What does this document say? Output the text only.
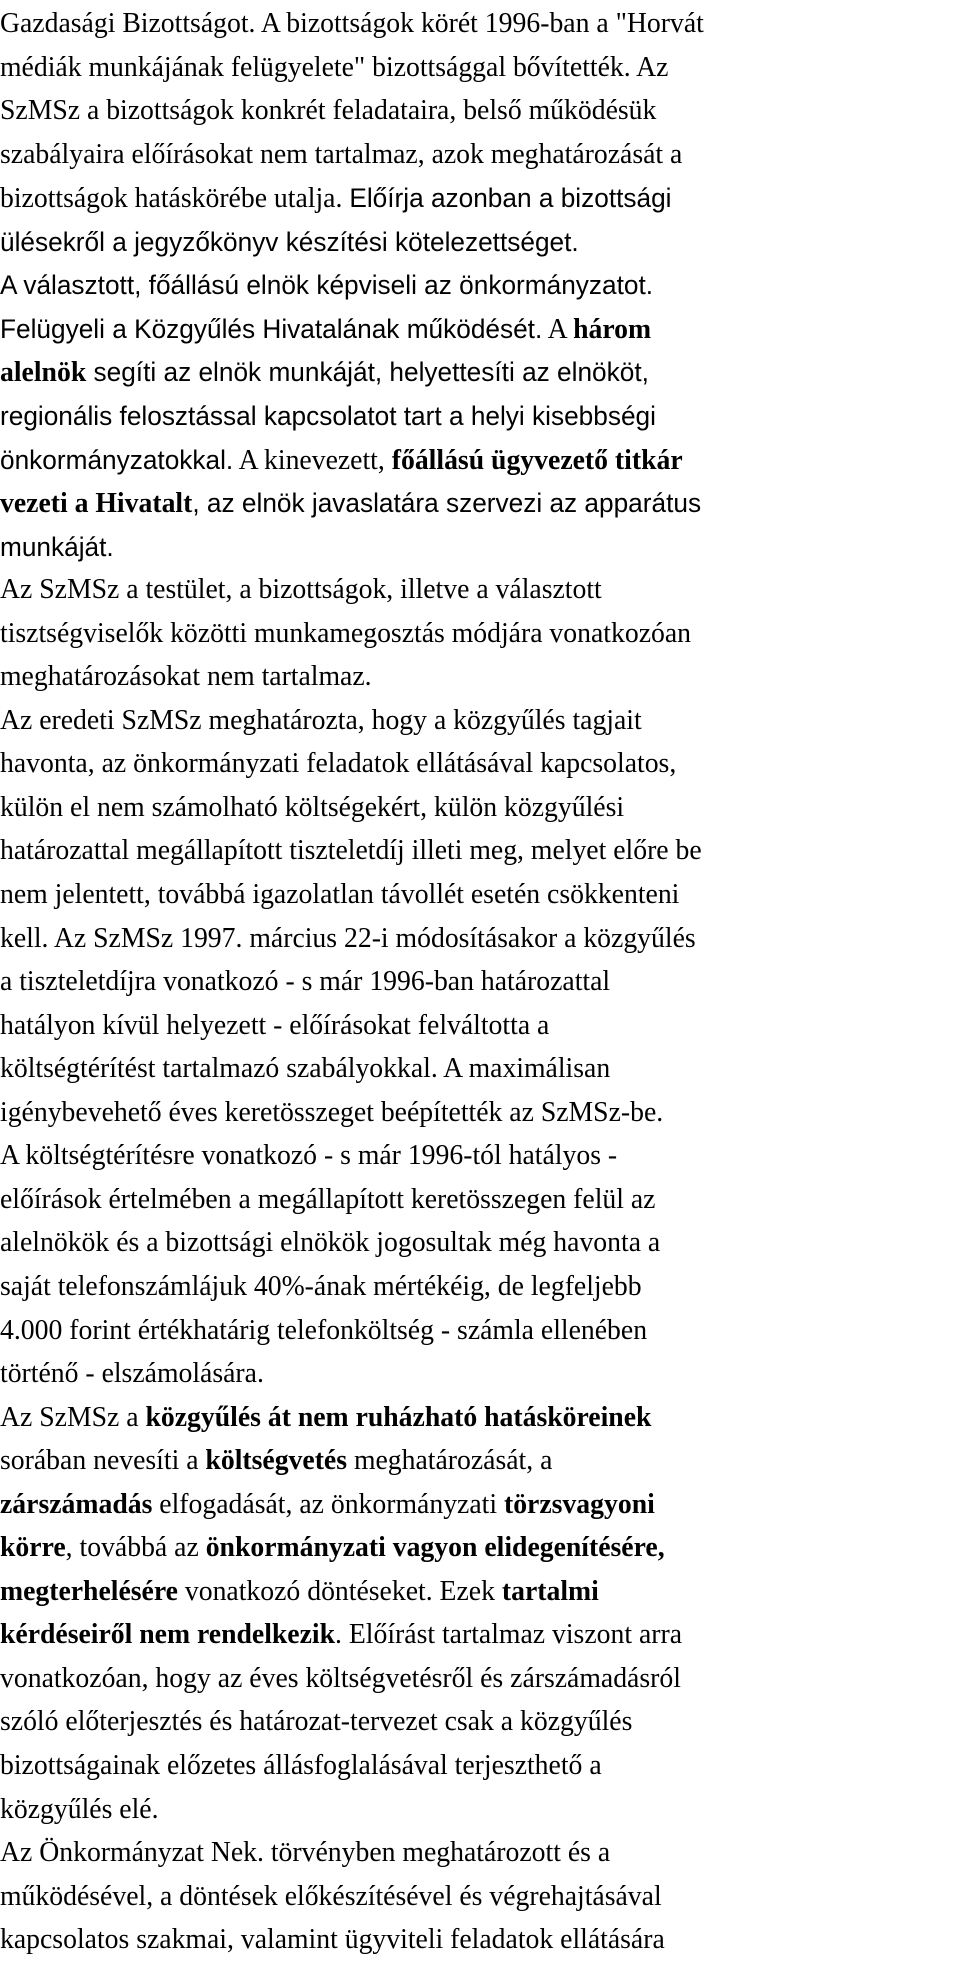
Gazdasági Bizottságot. A bizottságok körét 1996-ban a "Horvát
médiák munkájának felügyelete" bizottsággal bővítették. Az
SzMSz a bizottságok konkrét feladataira, belső működésük
szabályaira előírásokat nem tartalmaz, azok meghatározását a
bizottságok hatáskörébe utalja. Előírja azonban a bizottsági
ülésekről a jegyzőkönyv készítési kötelezettséget.
A választott, főállású elnök képviseli az önkormányzatot.
Felügyeli a Közgyűlés Hivatalának működését. A három
alelnök segíti az elnök munkáját, helyettesíti az elnököt,
regionális felosztással kapcsolatot tart a helyi kisebbségi
önkormányzatokkal. A kinevezett, főállású ügyvezető titkár
vezeti a Hivatalt, az elnök javaslatára szervezi az apparátus
munkáját.
Az SzMSz a testület, a bizottságok, illetve a választott
tisztségviselők közötti munkamegosztás módjára vonatkozóan
meghatározásokat nem tartalmaz.
Az eredeti SzMSz meghatározta, hogy a közgyűlés tagjait
havonta, az önkormányzati feladatok ellátásával kapcsolatos,
külön el nem számolható költségekért, külön közgyűlési
határozattal megállapított tiszteletdíj illeti meg, melyet előre be
nem jelentett, továbbá igazolatlan távollét esetén csökkenteni
kell. Az SzMSz 1997. március 22-i módosításakor a közgyűlés
a tiszteletdíjra vonatkozó - s már 1996-ban határozattal
hatályon kívül helyezett - előírásokat felváltotta a
költségtérítést tartalmazó szabályokkal. A maximálisan
igénybevehető éves keretösszeget beépítették az SzMSz-be.
A költségtérítésre vonatkozó - s már 1996-tól hatályos -
előírások értelmében a megállapított keretösszegen felül az
alelnökök és a bizottsági elnökök jogosultak még havonta a
saját telefonszámlájuk 40%-ának mértékéig, de legfeljebb
4.000 forint értékhatárig telefonköltség - számla ellenében
történő - elszámolására.
Az SzMSz a közgyűlés át nem ruházható hatásköreinek
sorában nevesíti a költségvetés meghatározását, a
zárszámadás elfogadását, az önkormányzati törzsvagyoni
körre, továbbá az önkormányzati vagyon elidegenítésére,
megterhelésére vonatkozó döntéseket. Ezek tartalmi
kérdéseiről nem rendelkezik. Előírást tartalmaz viszont arra
vonatkozóan, hogy az éves költségvetésről és zárszámadásról
szóló előterjesztés és határozat-tervezet csak a közgyűlés
bizottságainak előzetes állásfoglalásával terjeszthető a
közgyűlés elé.
Az Önkormányzat Nek. törvényben meghatározott és a
működésével, a döntések előkészítésével és végrehajtásával
kapcsolatos szakmai, valamint ügyviteli feladatok ellátására
